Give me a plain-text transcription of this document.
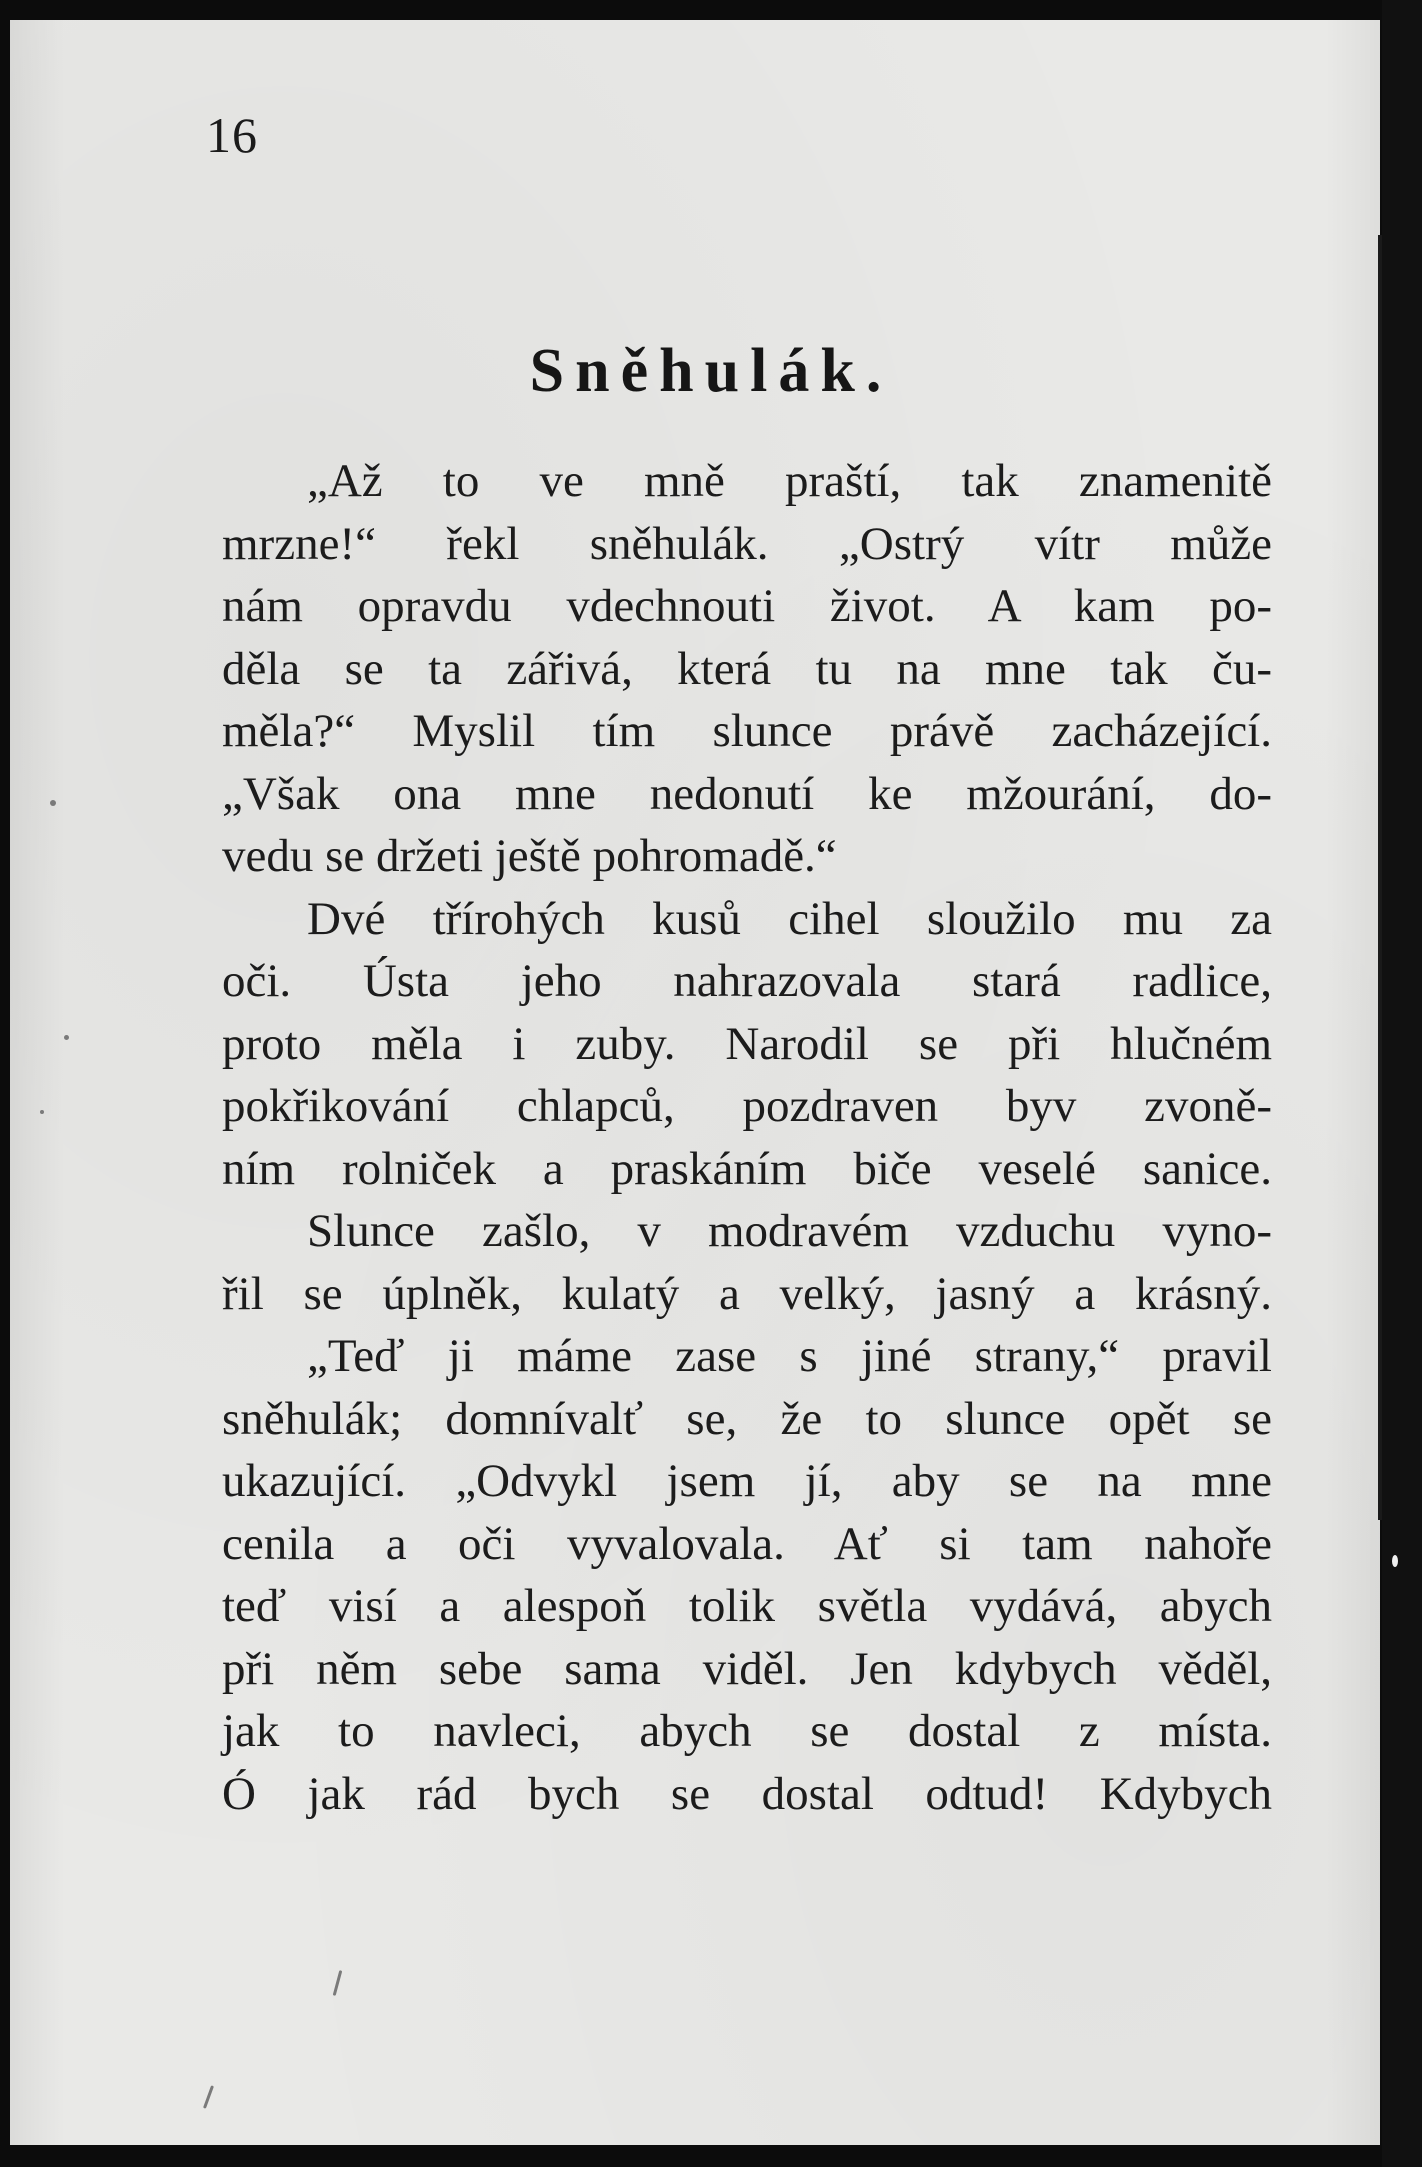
16

Sněhulák.
„Až to ve mně praští, tak znamenitě
mrzne!“ řekl sněhulák. „Ostrý vítr může
nám opravdu vdechnouti život. A kam po-
děla se ta zářivá, která tu na mne tak ču-
měla?“ Myslil tím slunce právě zacházející.
„Však ona mne nedonutí ke mžourání, do-
vedu se držeti ještě pohromadě.“
Dvé třírohých kusů cihel sloužilo mu za
oči. Ústa jeho nahrazovala stará radlice,
proto měla i zuby. Narodil se při hlučném
pokřikování chlapců, pozdraven byv zvoně-
ním rolniček a praskáním biče veselé sanice.
Slunce zašlo, v modravém vzduchu vyno-
řil se úplněk, kulatý a velký, jasný a krásný.
„Teď ji máme zase s jiné strany,“ pravil
sněhulák; domnívalť se, že to slunce opět se
ukazující. „Odvykl jsem jí, aby se na mne
cenila a oči vyvalovala. Ať si tam nahoře
teď visí a alespoň tolik světla vydává, abych
při něm sebe sama viděl. Jen kdybych věděl,
jak to navleci, abych se dostal z místa.
Ó jak rád bych se dostal odtud! Kdybych
